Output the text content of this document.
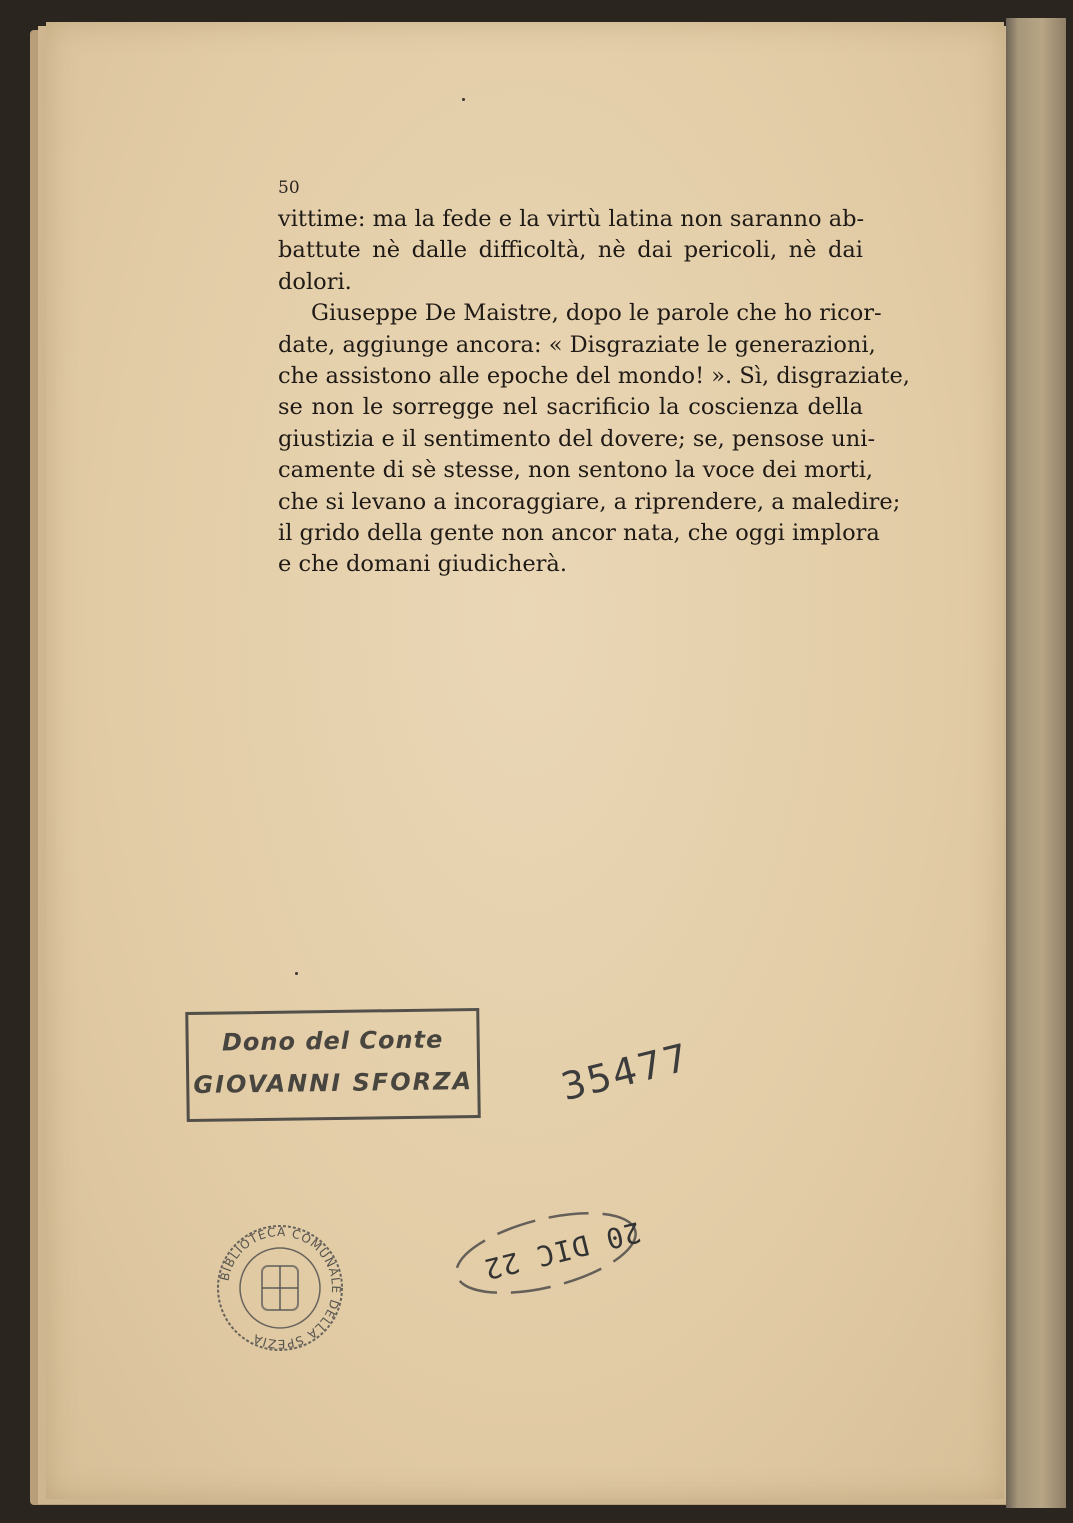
50

vittime: ma la fede e la virtù latina non saranno ab-
battute nè dalle difficoltà, nè dai pericoli, nè dai
dolori.

Giuseppe De Maistre, dopo le parole che ho ricor-
date, aggiunge ancora: « Disgraziate le generazioni,
che assistono alle epoche del mondo! ». Sì, disgraziate,
se non le sorregge nel sacrificio la coscienza della
giustizia e il sentimento del dovere; se, pensose uni-
camente di sè stesse, non sentono la voce dei morti,
che si levano a incoraggiare, a riprendere, a maledire;
il grido della gente non ancor nata, che oggi implora
e che domani giudicherà.

Dono del Conte
GIOVANNI SFORZA 35477
BIBLIOTECA COMUNALE DELLA SPEZIA
20 DIC 22
